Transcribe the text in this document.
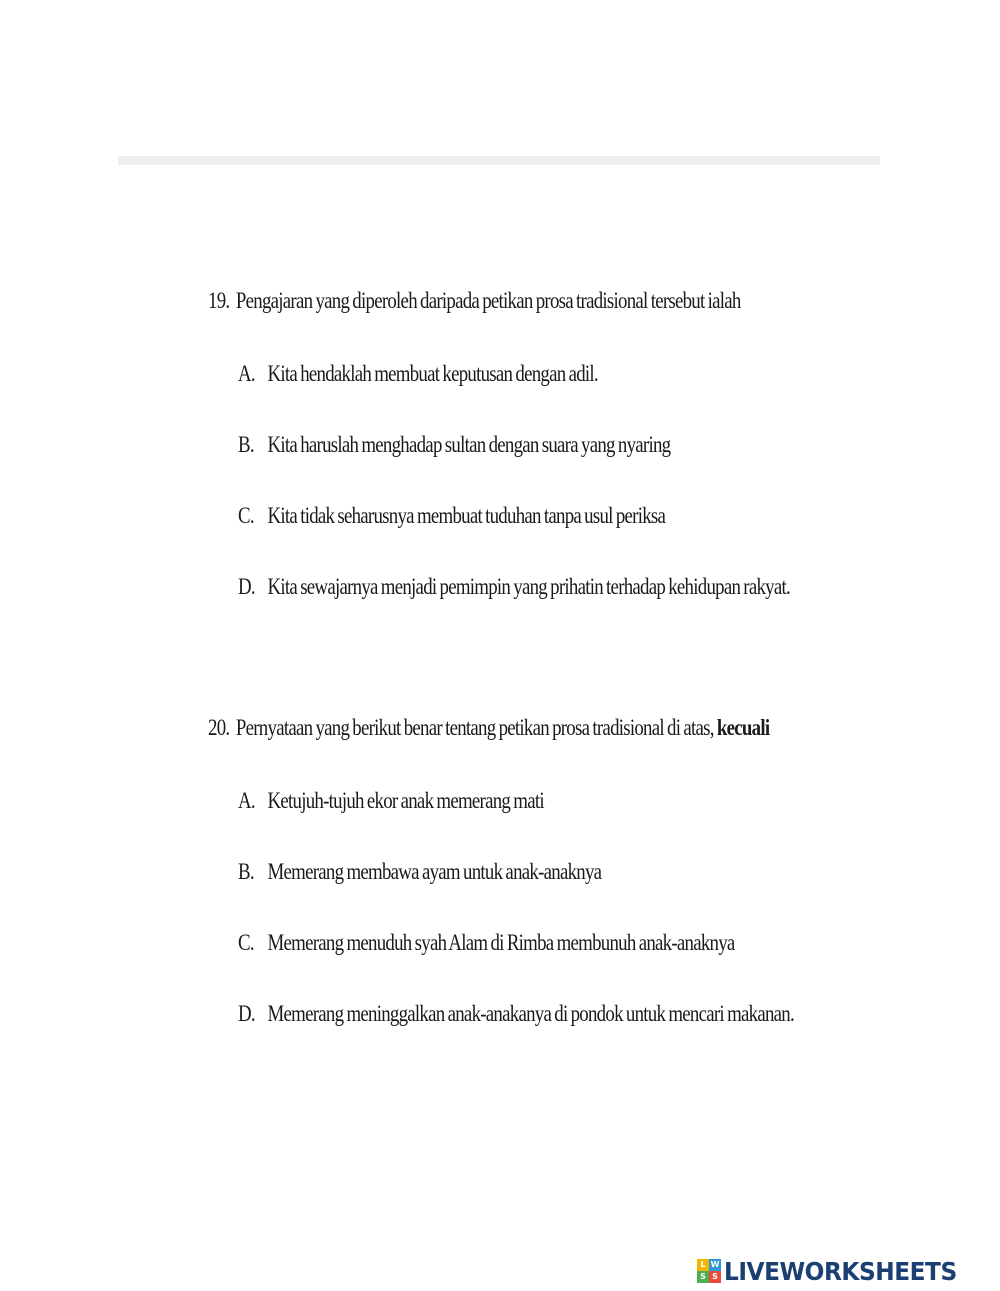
19. Pengajaran yang diperoleh daripada petikan prosa tradisional tersebut ialah
A. Kita hendaklah membuat keputusan dengan adil.
B. Kita haruslah menghadap sultan dengan suara yang nyaring
C. Kita tidak seharusnya membuat tuduhan tanpa usul periksa
D. Kita sewajarnya menjadi pemimpin yang prihatin terhadap kehidupan rakyat.
20. Pernyataan yang berikut benar tentang petikan prosa tradisional di atas, kecuali
A. Ketujuh-tujuh ekor anak memerang mati
B. Memerang membawa ayam untuk anak-anaknya
C. Memerang menuduh syah Alam di Rimba membunuh anak-anaknya
D. Memerang meninggalkan anak-anakanya di pondok untuk mencari makanan.
L W
S S LIVEWORKSHEETS
